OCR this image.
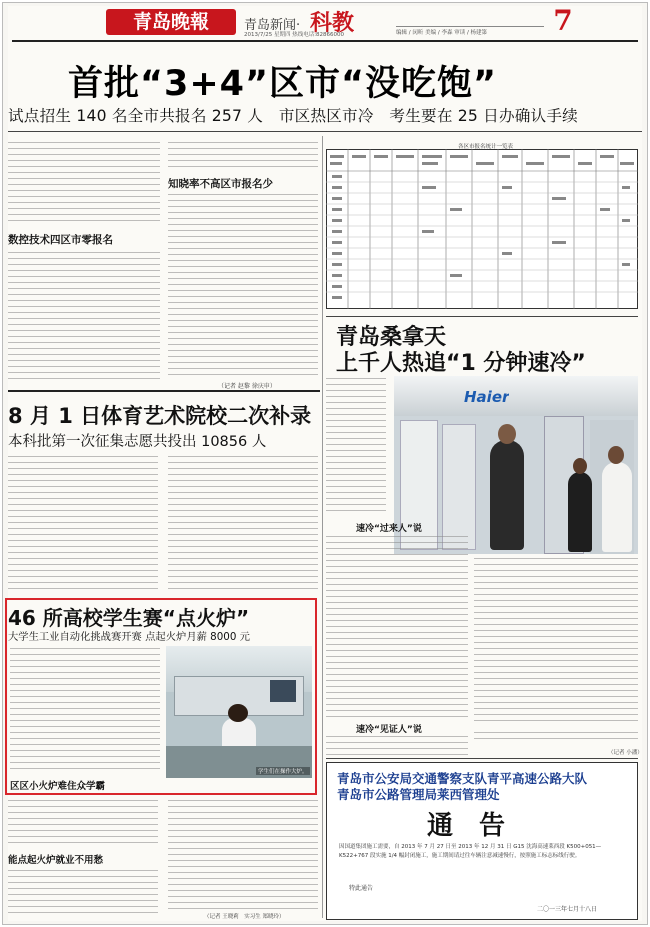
青岛晚報	青岛新闻· 科教
2013/7/25 星期四 热线电话:82866000	编辑 / 闵昕 美编 / 李森 审读 / 杨建第	7
首批“3+4”区市“没吃饱”
试点招生 140 名全市共报名 257 人　市区热区市冷　考生要在 25 日办确认手续
数控技术四区市零报名
知晓率不高区市报名少
（记者 赵黎 徐庆申）
各区市报名统计一览表
青岛桑拿天
上千人热追“1 分钟速冷”
Haier
速冷“过来人”说
速冷“见证人”说
（记者 小潘）
青岛市公安局交通警察支队青平高速公路大队
青岛市公路管理局莱西管理处
通　告
因国道集团施工需要，自 2013 年 7 月 27 日至 2013 年 12 月 31 日 G15 沈海高速莱西段 K500+051—K522+767 段实施 1/4 幅封闭施工，施工期间请过往车辆注意减速慢行，按照施工标志标线行驶。
特此通告
二〇一三年七月十八日
8 月 1 日体育艺术院校二次补录
本科批第一次征集志愿共投出 10856 人
46 所高校学生赛“点火炉”
大学生工业自动化挑战赛开赛 点起火炉月薪 8000 元
学生们在操作大炉。
区区小火炉难住众学霸
能点起火炉就业不用愁
（记者 王晓莉　实习生 郑晓玲）
